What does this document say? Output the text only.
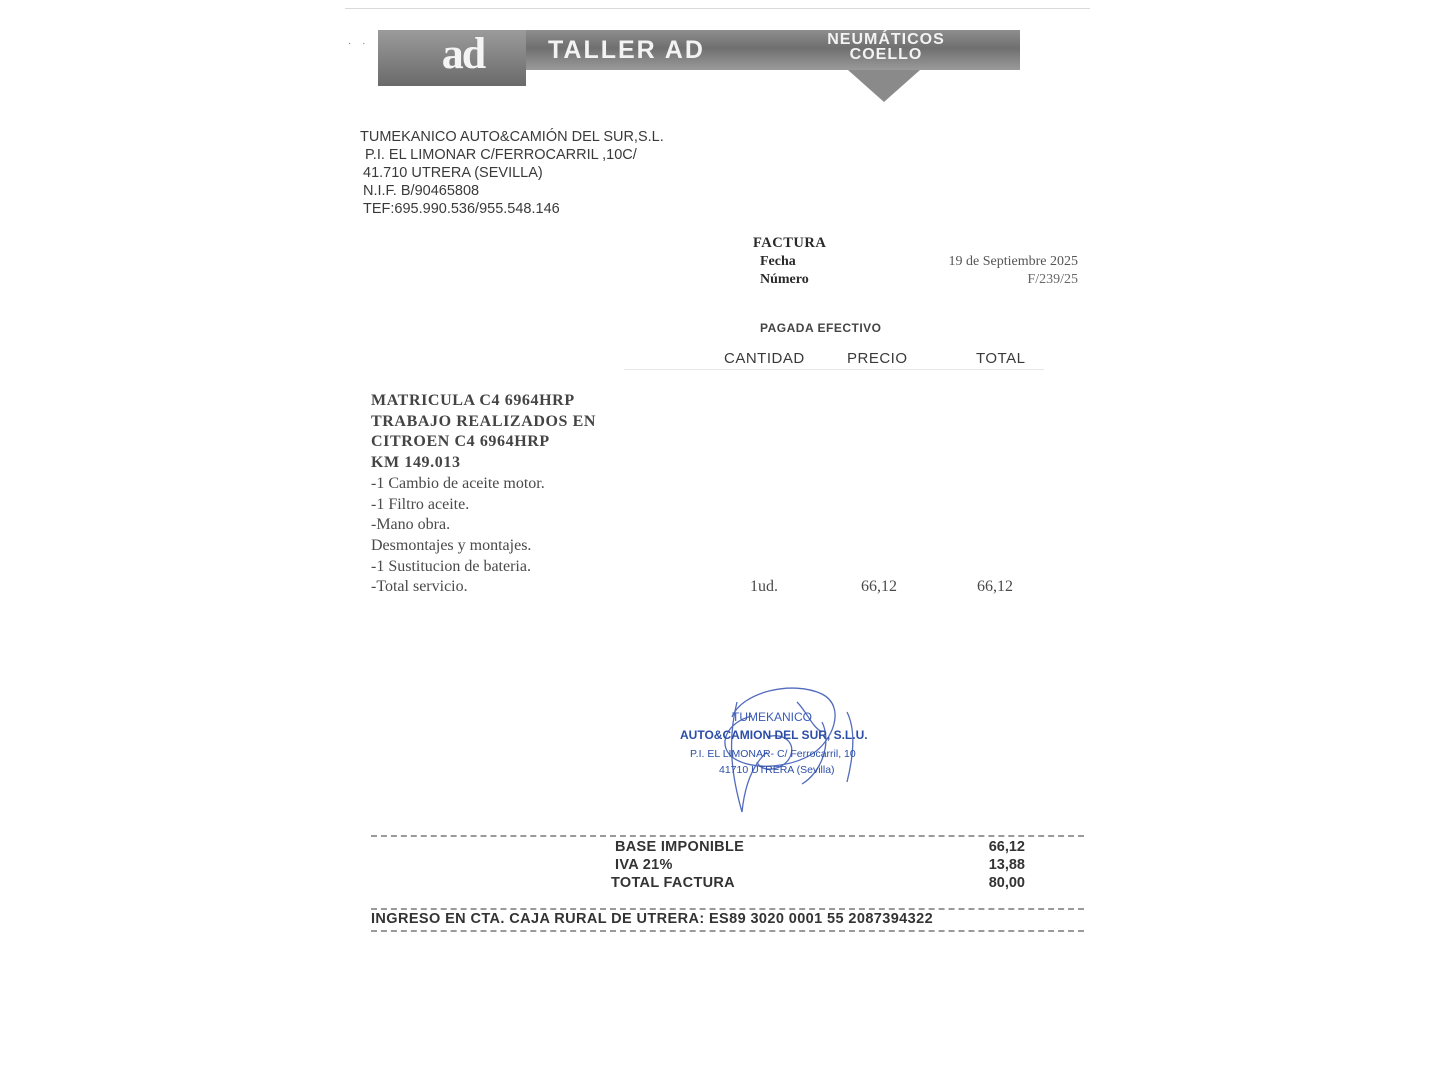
ad	TALLER AD	NEUMÁTICOS
COELLO
· ·
TUMEKANICO AUTO&CAMIÓN DEL SUR,S.L.
P.I. EL LIMONAR C/FERROCARRIL ,10C/
41.710 UTRERA (SEVILLA)
N.I.F. B/90465808
TEF:695.990.536/955.548.146
FACTURA
Fecha	19 de Septiembre 2025
Número	F/239/25
PAGADA EFECTIVO
CANTIDAD	PRECIO	TOTAL
MATRICULA C4 6964HRP
TRABAJO REALIZADOS EN
CITROEN C4 6964HRP
KM 149.013
-1 Cambio de aceite motor.
-1 Filtro aceite.
-Mano obra.
Desmontajes y montajes.
-1 Sustitucion de bateria.
-Total servicio.	1ud.	66,12	66,12
TUMEKANICO
AUTO&CAMION DEL SUR, S.L.U.
P.I. EL LIMONAR- C/ Ferrocarril, 10
41710 UTRERA (Sevilla)
BASE IMPONIBLE	66,12
IVA 21%	13,88
TOTAL FACTURA	80,00
INGRESO EN CTA. CAJA RURAL DE UTRERA: ES89 3020 0001 55 2087394322
